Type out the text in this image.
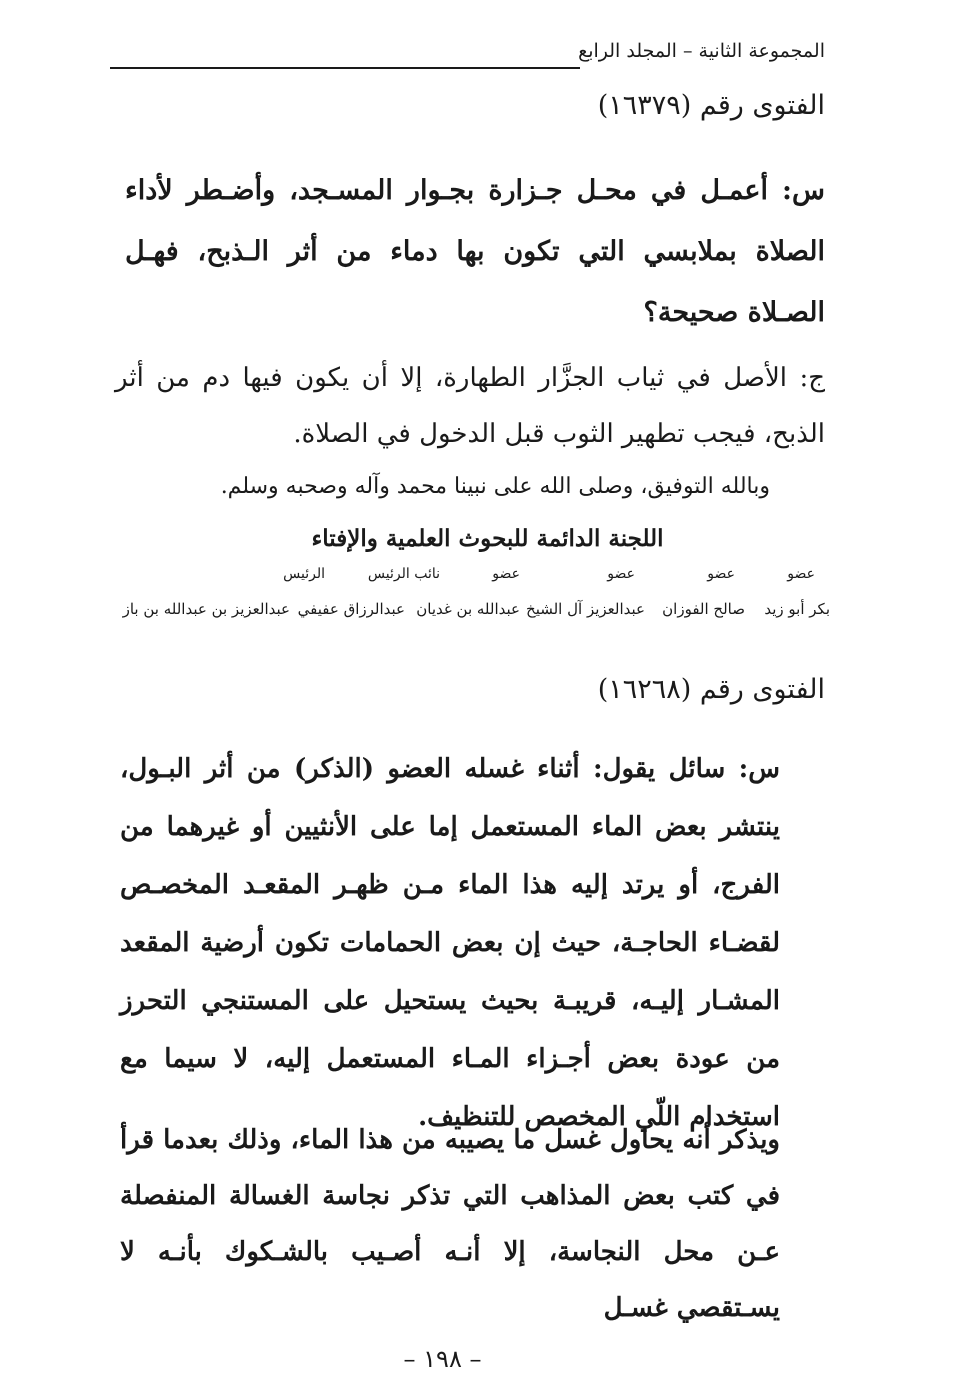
المجموعة الثانية – المجلد الرابع
الفتوى رقم (١٦٣٧٩)
س: أعمـل في محـل جـزارة بجـوار المسـجد، وأضـطر لأداء الصلاة بملابسي التي تكون بها دماء من أثر الـذبح، فهـل الصـلاة صحيحة؟
ج: الأصل في ثياب الجزَّار الطهارة، إلا أن يكون فيها دم من أثر الذبح، فيجب تطهير الثوب قبل الدخول في الصلاة.
وبالله التوفيق، وصلى الله على نبينا محمد وآله وصحبه وسلم.
اللجنة الدائمة للبحوث العلمية والإفتاء
عضو
عضو
عضو
عضو
نائب الرئيس
الرئيس
بكر أبو زيد
صالح الفوزان
عبدالعزيز آل الشيخ
عبدالله بن غديان
عبدالرزاق عفيفي
عبدالعزيز بن عبدالله بن باز
الفتوى رقم (١٦٢٦٨)
س: سائل يقول: أثناء غسله العضو (الذكر) من أثر البـول، ينتشر بعض الماء المستعمل إما على الأنثيين أو غيرهما من الفرج، أو يرتد إليه هذا الماء مـن ظهـر المقعـد المخصـص لقضـاء الحاجـة، حيث إن بعض الحمامات تكون أرضية المقعد المشـار إليـه، قريبـة بحيث يستحيل على المستنجي التحرز من عودة بعض أجـزاء المـاء المستعمل إليه، لا سيما مع استخدام اللّي المخصص للتنظيف.
ويذكر أنه يحاول غسل ما يصيبه من هذا الماء، وذلك بعدما قرأ في كتب بعض المذاهب التي تذكر نجاسة الغسالة المنفصلة عـن محل النجاسة، إلا أنـه أصـيب بالشـكوك بأنـه لا يسـتقصي غسـل
– ١٩٨ –
